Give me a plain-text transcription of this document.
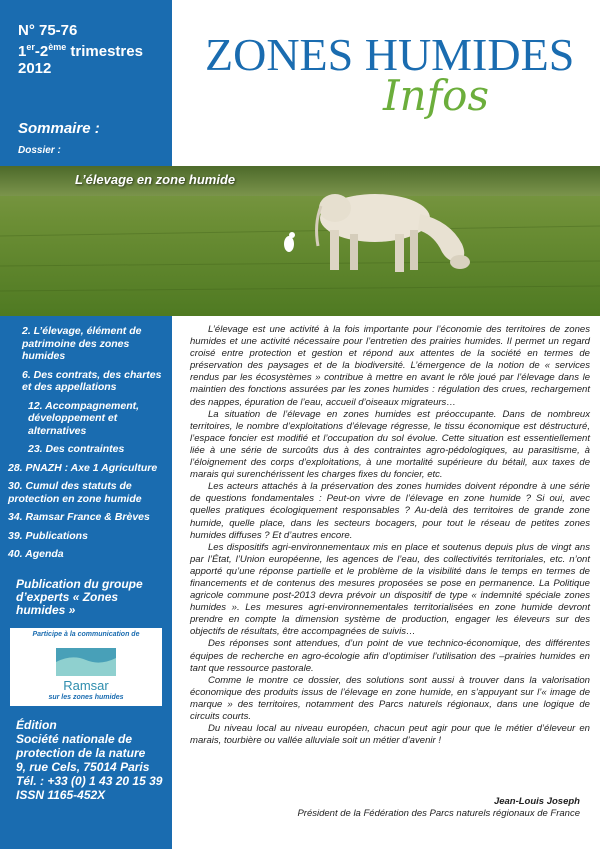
N° 75-76
1er-2ème trimestres
2012
Sommaire :
Dossier :
ZONES HUMIDES
Infos
L’élevage en zone humide
2. L’élevage, élément de patrimoine des zones humides
6. Des contrats, des chartes et des appellations
12. Accompagnement, développement et alternatives
23. Des contraintes
28. PNAZH : Axe 1 Agriculture
30. Cumul des statuts de protection en zone humide
34. Ramsar France & Brèves
39. Publications
40. Agenda
Publication du groupe d’experts « Zones humides »
Participe à la communication de
Ramsar
sur les zones humides
Édition
Société nationale de protection de la nature
9, rue Cels, 75014 Paris
Tél. : +33 (0) 1 43 20 15 39
ISSN 1165-452X

L’élevage est une activité à la fois importante pour l’économie des territoires de zones humides et une activité nécessaire pour l’entretien des prairies humides. Il permet un regard croisé entre protection et gestion et répond aux attentes de la société en termes de préservation des paysages et de la biodiversité. L’émergence de la notion de « services rendus par les écosystèmes » contribue à mettre en avant le rôle joué par l’élevage dans le maintien des fonctions assurées par les zones humides : régulation des crues, rechargement des nappes, épuration de l’eau, accueil d’oiseaux migrateurs…

La situation de l’élevage en zones humides est préoccupante. Dans de nombreux territoires, le nombre d’exploitations d’élevage régresse, le tissu économique est déstructuré, l’espace foncier est modifié et l’occupation du sol évolue. Cette situation est essentiellement liée à une série de surcoûts dus à des contraintes agro-pédologiques, au parasitisme, à l’éloignement des corps d’exploitations, à une mortalité supérieure du bétail, aux taxes de marais qui surenchérissent les charges fixes du foncier, etc.

Les acteurs attachés à la préservation des zones humides doivent répondre à une série de questions fondamentales : Peut-on vivre de l’élevage en zone humide ? Si oui, avec quelles pratiques écologiquement responsables ? Au-delà des territoires de grande zone humide, quelle place, dans les secteurs bocagers, pour tout le réseau de petites zones humides diffuses ? Et d’autres encore.

Les dispositifs agri-environnementaux mis en place et soutenus depuis plus de vingt ans par l’État, l’Union européenne, les agences de l’eau, des collectivités territoriales, etc. n’ont apporté qu’une réponse partielle et le problème de la visibilité dans le temps en termes de financements et de contenus des mesures proposées se pose en permanence. La Politique agricole commune post-2013 devra prévoir un dispositif de type « indemnité spéciale zones humides ». Les mesures agri-environnementales territorialisées en zone humide devront prendre en compte la dimension système de production, engager les éleveurs sur des objectifs de résultats, être accompagnées de suivis…

Des réponses sont attendues, d’un point de vue technico-économique, des différentes équipes de recherche en agro-écologie afin d’optimiser l’utilisation des –prairies humides en tant que ressource pastorale.

Comme le montre ce dossier, des solutions sont aussi à trouver dans la valorisation économique des produits issus de l’élevage en zone humide, en s’appuyant sur l’« image de marque » des territoires, notamment des Parcs naturels régionaux, dans une logique de circuits courts.

Du niveau local au niveau européen, chacun peut agir pour que le métier d’éleveur en marais, tourbière ou vallée alluviale soit un métier d’avenir !

Jean-Louis Joseph
Président de la Fédération des Parcs naturels régionaux de France
